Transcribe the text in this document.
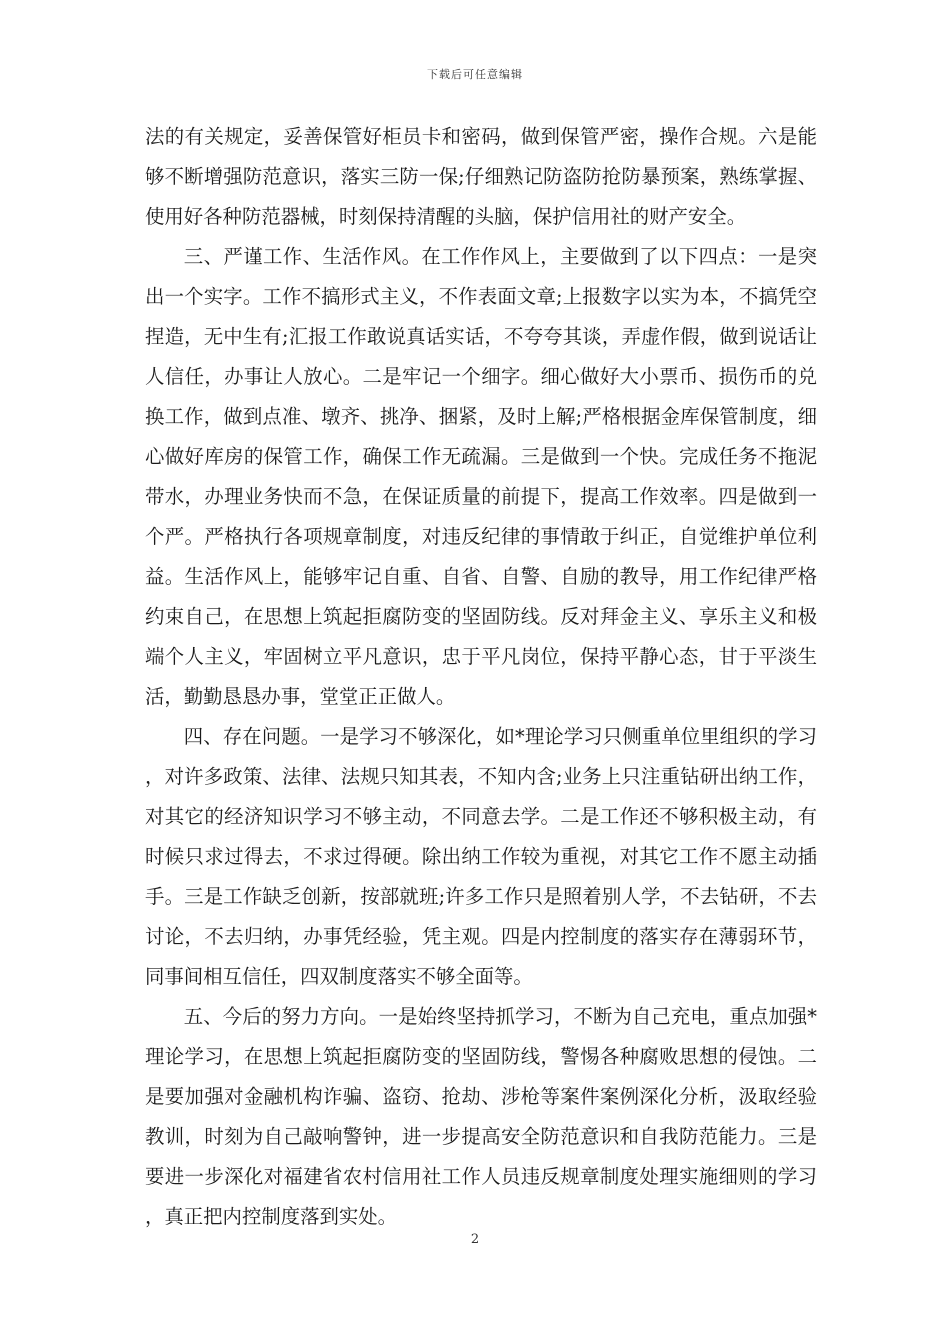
下载后可任意编辑

法的有关规定，妥善保管好柜员卡和密码，做到保管严密，操作合规。六是能够不断增强防范意识，落实三防一保;仔细熟记防盗防抢防暴预案，熟练掌握、使用好各种防范器械，时刻保持清醒的头脑，保护信用社的财产安全。

三、严谨工作、生活作风。在工作作风上，主要做到了以下四点：一是突出一个实字。工作不搞形式主义，不作表面文章;上报数字以实为本，不搞凭空捏造，无中生有;汇报工作敢说真话实话，不夸夸其谈，弄虚作假，做到说话让人信任，办事让人放心。二是牢记一个细字。细心做好大小票币、损伤币的兑换工作，做到点准、墩齐、挑净、捆紧，及时上解;严格根据金库保管制度，细心做好库房的保管工作，确保工作无疏漏。三是做到一个快。完成任务不拖泥带水，办理业务快而不急，在保证质量的前提下，提高工作效率。四是做到一个严。严格执行各项规章制度，对违反纪律的事情敢于纠正，自觉维护单位利益。生活作风上，能够牢记自重、自省、自警、自励的教导，用工作纪律严格约束自己，在思想上筑起拒腐防变的坚固防线。反对拜金主义、享乐主义和极端个人主义，牢固树立平凡意识，忠于平凡岗位，保持平静心态，甘于平淡生活，勤勤恳恳办事，堂堂正正做人。

四、存在问题。一是学习不够深化，如*理论学习只侧重单位里组织的学习，对许多政策、法律、法规只知其表，不知内含;业务上只注重钻研出纳工作，对其它的经济知识学习不够主动，不同意去学。二是工作还不够积极主动，有时候只求过得去，不求过得硬。除出纳工作较为重视，对其它工作不愿主动插手。三是工作缺乏创新，按部就班;许多工作只是照着别人学，不去钻研，不去讨论，不去归纳，办事凭经验，凭主观。四是内控制度的落实存在薄弱环节，同事间相互信任，四双制度落实不够全面等。

五、今后的努力方向。一是始终坚持抓学习，不断为自己充电，重点加强*理论学习，在思想上筑起拒腐防变的坚固防线，警惕各种腐败思想的侵蚀。二是要加强对金融机构诈骗、盗窃、抢劫、涉枪等案件案例深化分析，汲取经验教训，时刻为自己敲响警钟，进一步提高安全防范意识和自我防范能力。三是要进一步深化对福建省农村信用社工作人员违反规章制度处理实施细则的学习，真正把内控制度落到实处。

2
